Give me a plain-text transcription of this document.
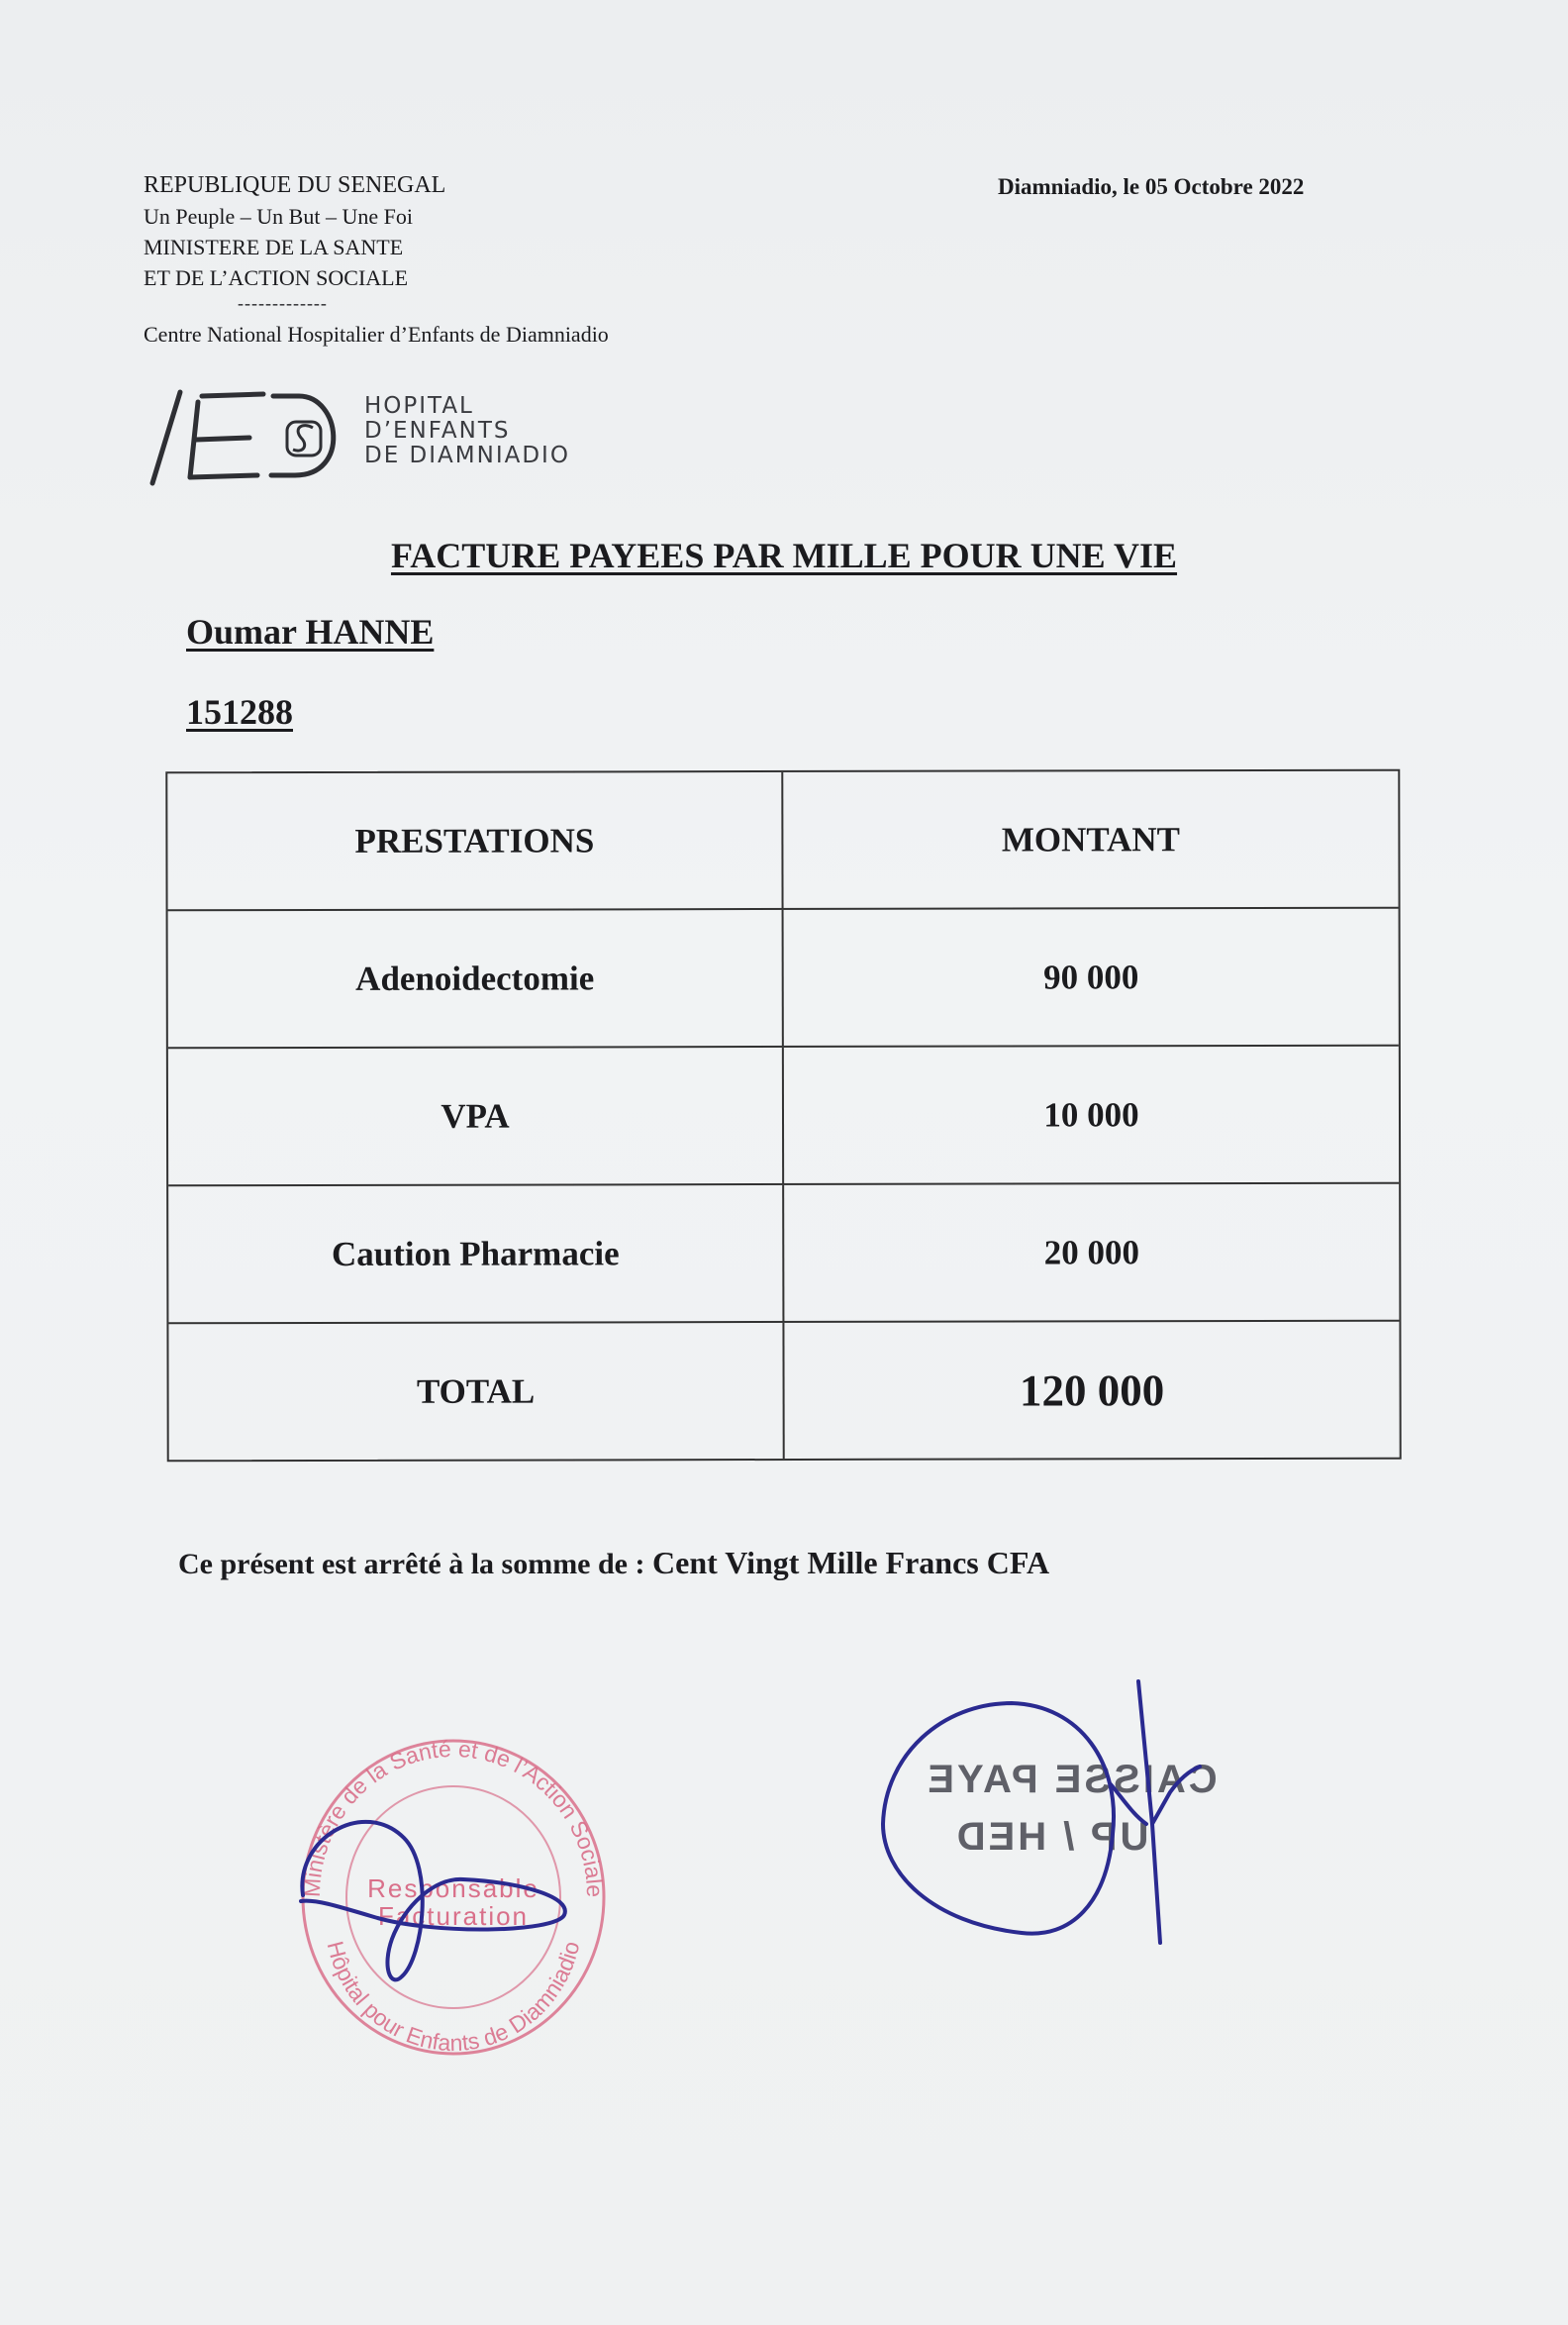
REPUBLIQUE DU SENEGAL
Un Peuple – Un But – Une Foi
MINISTERE DE LA SANTE
ET DE L’ACTION SOCIALE
-------------
Centre National Hospitalier d’Enfants de Diamniadio
Diamniadio, le 05 Octobre 2022
HOPITAL
D’ENFANTS
DE DIAMNIADIO
FACTURE PAYEES PAR MILLE POUR UNE VIE
Oumar HANNE
151288
PRESTATIONS	MONTANT
Adenoidectomie	90 000
VPA	10 000
Caution Pharmacie	20 000
TOTAL	120 000
Ce présent est arrêté à la somme de : Cent Vingt Mille Francs CFA
Ministère de la Santé et de l’Action Sociale
Hôpital pour Enfants de Diamniadio
Responsable
Facturation
CAISSE PAYE
UP / HED
